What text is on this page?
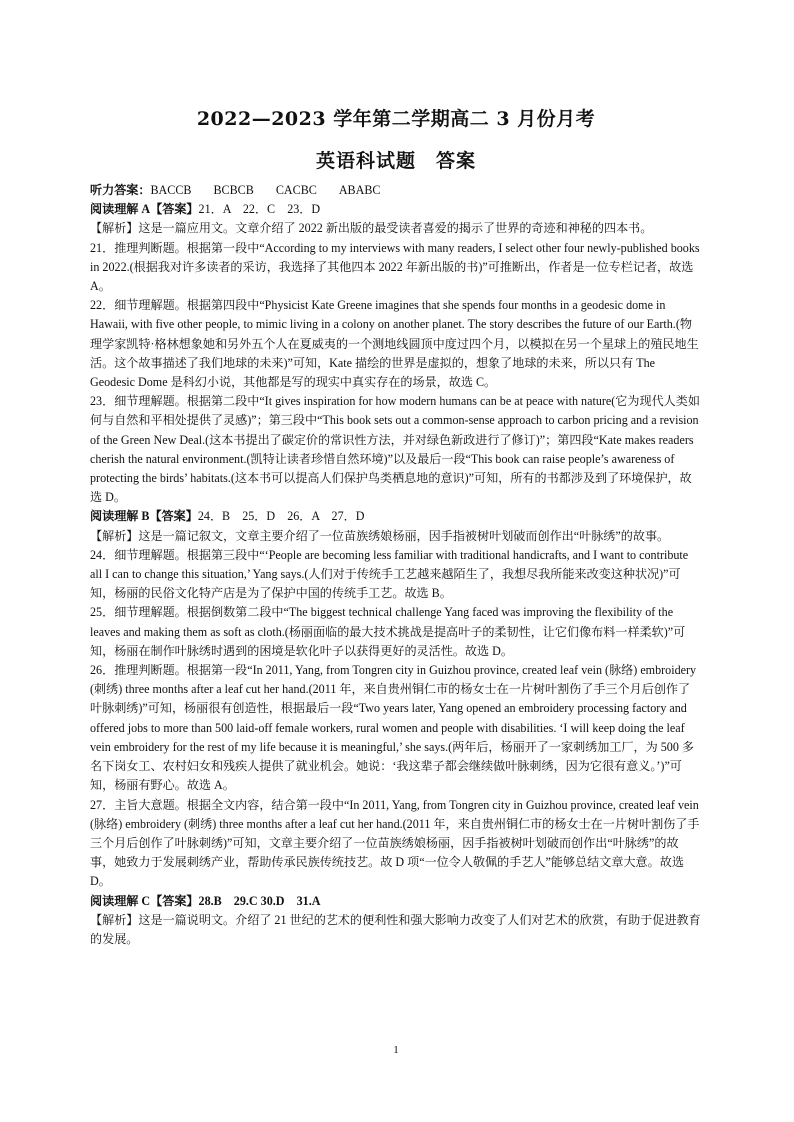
2022—2023 学年第二学期高二 3 月份月考
英语科试题　答案

听力答案：BACCB BCBCB CACBC ABABC

阅读理解 A【答案】21．A　22．C　23．D

【解析】这是一篇应用文。文章介绍了 2022 新出版的最受读者喜爱的揭示了世界的奇迹和神秘的四本书。

21．推理判断题。根据第一段中“According to my interviews with many readers, I select other four newly-published books in 2022.(根据我对许多读者的采访，我选择了其他四本 2022 年新出版的书)”可推断出，作者是一位专栏记者，故选 A。

22．细节理解题。根据第四段中“Physicist Kate Greene imagines that she spends four months in a geodesic dome in Hawaii, with five other people, to mimic living in a colony on another planet. The story describes the future of our Earth.(物理学家凯特·格林想象她和另外五个人在夏威夷的一个测地线圆顶中度过四个月，以模拟在另一个星球上的殖民地生活。这个故事描述了我们地球的未来)”可知，Kate 描绘的世界是虚拟的，想象了地球的未来，所以只有 The Geodesic Dome 是科幻小说，其他都是写的现实中真实存在的场景，故选 C。

23．细节理解题。根据第二段中“It gives inspiration for how modern humans can be at peace with nature(它为现代人类如何与自然和平相处提供了灵感)”；第三段中“This book sets out a common-sense approach to carbon pricing and a revision of the Green New Deal.(这本书提出了碳定价的常识性方法，并对绿色新政进行了修订)”；第四段“Kate makes readers cherish the natural environment.(凯特让读者珍惜自然环境)”以及最后一段“This book can raise people’s awareness of protecting the birds’ habitats.(这本书可以提高人们保护鸟类栖息地的意识)”可知，所有的书都涉及到了环境保护，故选 D。

阅读理解 B【答案】24．B　25．D　26．A　27．D

【解析】这是一篇记叙文，文章主要介绍了一位苗族绣娘杨丽，因手指被树叶划破而创作出“叶脉绣”的故事。

24．细节理解题。根据第三段中“‘People are becoming less familiar with traditional handicrafts, and I want to contribute all I can to change this situation,’ Yang says.(人们对于传统手工艺越来越陌生了，我想尽我所能来改变这种状况)”可知，杨丽的民俗文化特产店是为了保护中国的传统手工艺。故选 B。

25．细节理解题。根据倒数第二段中“The biggest technical challenge Yang faced was improving the flexibility of the leaves and making them as soft as cloth.(杨丽面临的最大技术挑战是提高叶子的柔韧性，让它们像布料一样柔软)”可知，杨丽在制作叶脉绣时遇到的困境是软化叶子以获得更好的灵活性。故选 D。

26．推理判断题。根据第一段“In 2011, Yang, from Tongren city in Guizhou province, created leaf vein (脉络) embroidery (刺绣) three months after a leaf cut her hand.(2011 年，来自贵州铜仁市的杨女士在一片树叶割伤了手三个月后创作了叶脉刺绣)”可知，杨丽很有创造性，根据最后一段“Two years later, Yang opened an embroidery processing factory and offered jobs to more than 500 laid-off female workers, rural women and people with disabilities. ‘I will keep doing the leaf vein embroidery for the rest of my life because it is meaningful,’ she says.(两年后，杨丽开了一家刺绣加工厂，为 500 多名下岗女工、农村妇女和残疾人提供了就业机会。她说：‘我这辈子都会继续做叶脉刺绣，因为它很有意义。’)”可知，杨丽有野心。故选 A。

27．主旨大意题。根据全文内容，结合第一段中“In 2011, Yang, from Tongren city in Guizhou province, created leaf vein (脉络) embroidery (刺绣) three months after a leaf cut her hand.(2011 年，来自贵州铜仁市的杨女士在一片树叶割伤了手三个月后创作了叶脉刺绣)”可知，文章主要介绍了一位苗族绣娘杨丽，因手指被树叶划破而创作出“叶脉绣”的故事，她致力于发展刺绣产业，帮助传承民族传统技艺。故 D 项“一位令人敬佩的手艺人”能够总结文章大意。故选 D。

阅读理解 C【答案】28.B　29.C 30.D　31.A

【解析】这是一篇说明文。介绍了 21 世纪的艺术的便利性和强大影响力改变了人们对艺术的欣赏，有助于促进教育的发展。

1
